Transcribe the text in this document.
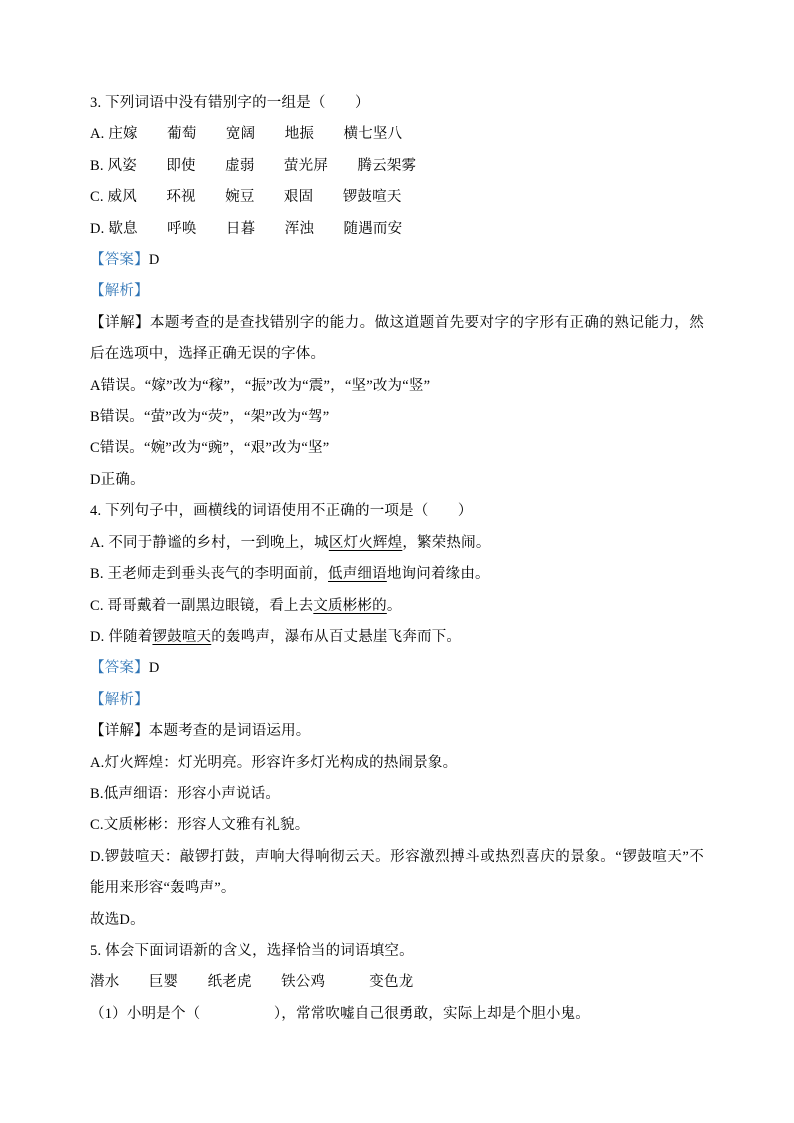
3. 下列词语中没有错别字的一组是（　　）

A. 庄嫁　　葡萄　　宽阔　　地振　　横七坚八

B. 风姿　　即使　　虚弱　　萤光屏　　腾云架雾

C. 威风　　环视　　婉豆　　艰固　　锣鼓喧天

D. 歇息　　呼唤　　日暮　　浑浊　　随遇而安

【答案】D

【解析】

【详解】本题考查的是查找错别字的能力。做这道题首先要对字的字形有正确的熟记能力，然后在选项中，选择正确无误的字体。

A错误。“嫁”改为“稼”，“振”改为“震”，“坚”改为“竖”

B错误。“萤”改为“荧”，“架”改为“驾”

C错误。“婉”改为“豌”，“艰”改为“坚”

D正确。

4. 下列句子中，画横线的词语使用不正确的一项是（　　）

A. 不同于静谧的乡村，一到晚上，城区灯火辉煌，繁荣热闹。

B. 王老师走到垂头丧气的李明面前，低声细语地询问着缘由。

C. 哥哥戴着一副黑边眼镜，看上去文质彬彬的。

D. 伴随着锣鼓喧天的轰鸣声，瀑布从百丈悬崖飞奔而下。

【答案】D

【解析】

【详解】本题考查的是词语运用。

A.灯火辉煌：灯光明亮。形容许多灯光构成的热闹景象。

B.低声细语：形容小声说话。

C.文质彬彬：形容人文雅有礼貌。

D.锣鼓喧天：敲锣打鼓，声响大得响彻云天。形容激烈搏斗或热烈喜庆的景象。“锣鼓喧天”不能用来形容“轰鸣声”。

故选D。

5. 体会下面词语新的含义，选择恰当的词语填空。

潜水　　巨婴　　纸老虎　　铁公鸡　　　变色龙

（1）小明是个（　　　　　），常常吹嘘自己很勇敢，实际上却是个胆小鬼。
